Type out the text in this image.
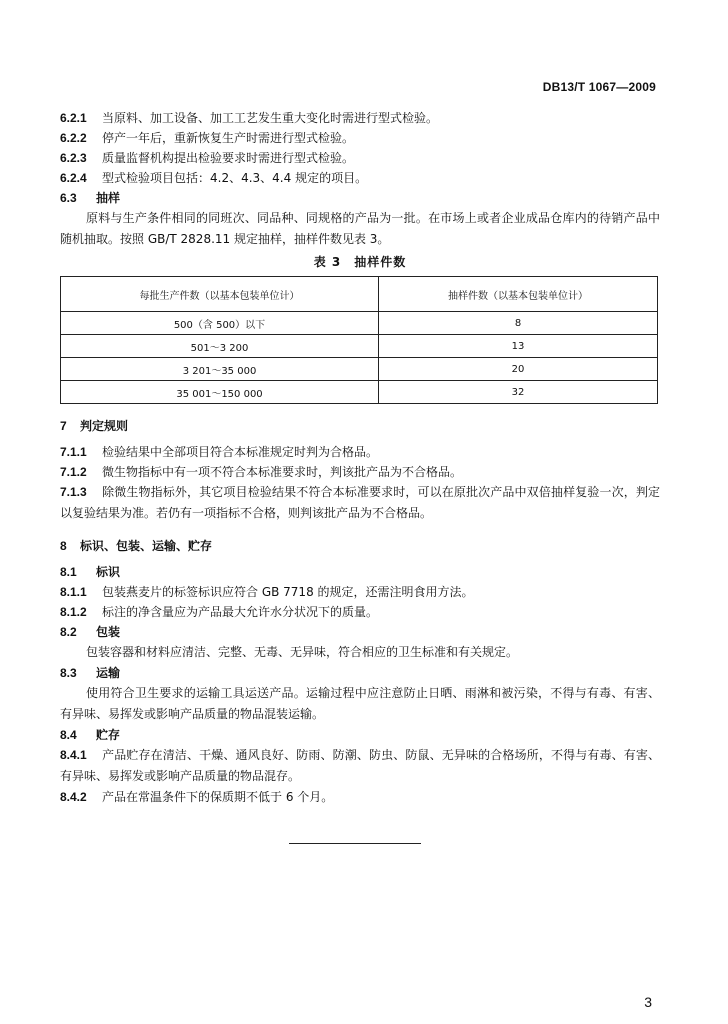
DB13/T 1067—2009
6.2.1 当原料、加工设备、加工工艺发生重大变化时需进行型式检验。
6.2.2 停产一年后，重新恢复生产时需进行型式检验。
6.2.3 质量监督机构提出检验要求时需进行型式检验。
6.2.4 型式检验项目包括：4.2、4.3、4.4 规定的项目。
6.3 抽样
原料与生产条件相同的同班次、同品种、同规格的产品为一批。在市场上或者企业成品仓库内的待销产品中随机抽取。按照 GB/T 2828.11 规定抽样，抽样件数见表 3。
表 3　抽样件数
每批生产件数（以基本包装单位计）	抽样件数（以基本包装单位计）
500（含 500）以下	8
501～3 200	13
3 201～35 000	20
35 001～150 000	32
7 判定规则
7.1.1 检验结果中全部项目符合本标准规定时判为合格品。
7.1.2 微生物指标中有一项不符合本标准要求时，判该批产品为不合格品。
7.1.3 除微生物指标外，其它项目检验结果不符合本标准要求时，可以在原批次产品中双倍抽样复验一次，判定以复验结果为准。若仍有一项指标不合格，则判该批产品为不合格品。
8 标识、包装、运输、贮存
8.1 标识
8.1.1 包装燕麦片的标签标识应符合 GB 7718 的规定，还需注明食用方法。
8.1.2 标注的净含量应为产品最大允许水分状况下的质量。
8.2 包装
包装容器和材料应清洁、完整、无毒、无异味，符合相应的卫生标准和有关规定。
8.3 运输
使用符合卫生要求的运输工具运送产品。运输过程中应注意防止日晒、雨淋和被污染，不得与有毒、有害、有异味、易挥发或影响产品质量的物品混装运输。
8.4 贮存
8.4.1 产品贮存在清洁、干燥、通风良好、防雨、防潮、防虫、防鼠、无异味的合格场所，不得与有毒、有害、有异味、易挥发或影响产品质量的物品混存。
8.4.2 产品在常温条件下的保质期不低于 6 个月。
3
